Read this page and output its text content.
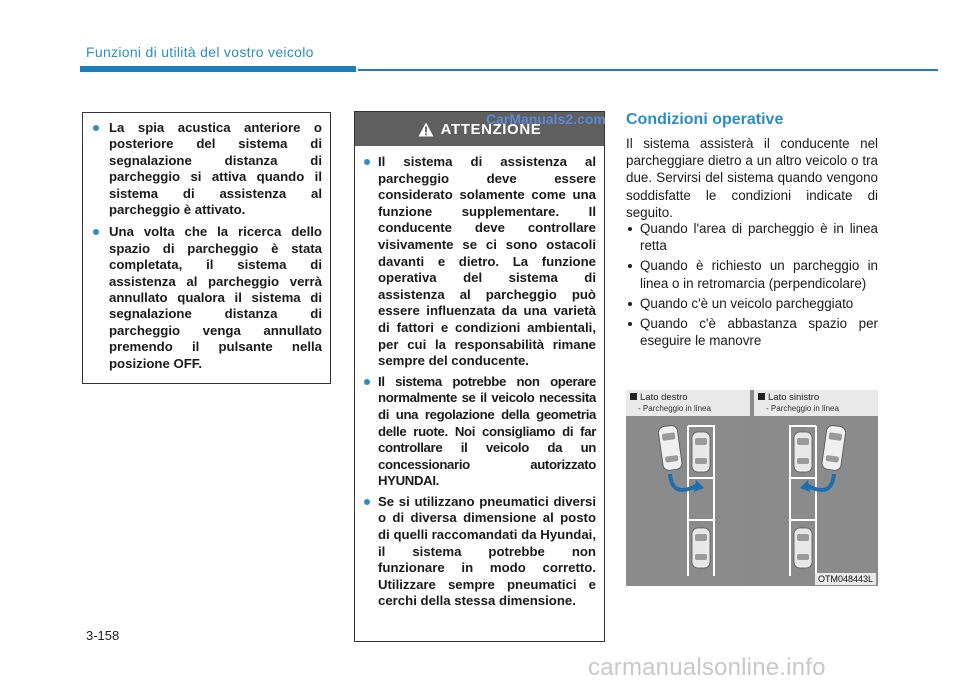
Funzioni di utilità del vostro veicolo
La spia acustica anteriore o posteriore del sistema di segnalazione distanza di parcheggio si attiva quando il sistema di assistenza al parcheggio è attivato.
Una volta che la ricerca dello spazio di parcheggio è stata completata, il sistema di assistenza al parcheggio verrà annullato qualora il sistema di segnalazione distanza di parcheggio venga annullato premendo il pulsante nella posizione OFF.
ATTENZIONE
Il sistema di assistenza al parcheggio deve essere considerato solamente come una funzione supplementare. Il conducente deve controllare visivamente se ci sono ostacoli davanti e dietro. La funzione operativa del sistema di assistenza al parcheggio può essere influenzata da una varietà di fattori e condizioni ambientali, per cui la responsabilità rimane sempre del conducente.
Il sistema potrebbe non operare normalmente se il veicolo necessita di una regolazione della geometria delle ruote. Noi consigliamo di far controllare il veicolo da un concessionario autorizzato HYUNDAI.
Se si utilizzano pneumatici diversi o di diversa dimensione al posto di quelli raccomandati da Hyundai, il sistema potrebbe non funzionare in modo corretto. Utilizzare sempre pneumatici e cerchi della stessa dimensione.
CarManuals2.com Condizioni operative
Il sistema assisterà il conducente nel parcheggiare dietro a un altro veicolo o tra due. Servirsi del sistema quando vengono soddisfatte le condizioni indicate di seguito.
Quando l'area di parcheggio è in linea retta
Quando è richiesto un parcheggio in linea o in retromarcia (perpendicolare)
Quando c'è un veicolo parcheggiato
Quando c'è abbastanza spazio per eseguire le manovre
Lato destro
- Parcheggio in linea
Lato sinistro
- Parcheggio in linea
OTM048443L
3-158
carmanualsonline.info
